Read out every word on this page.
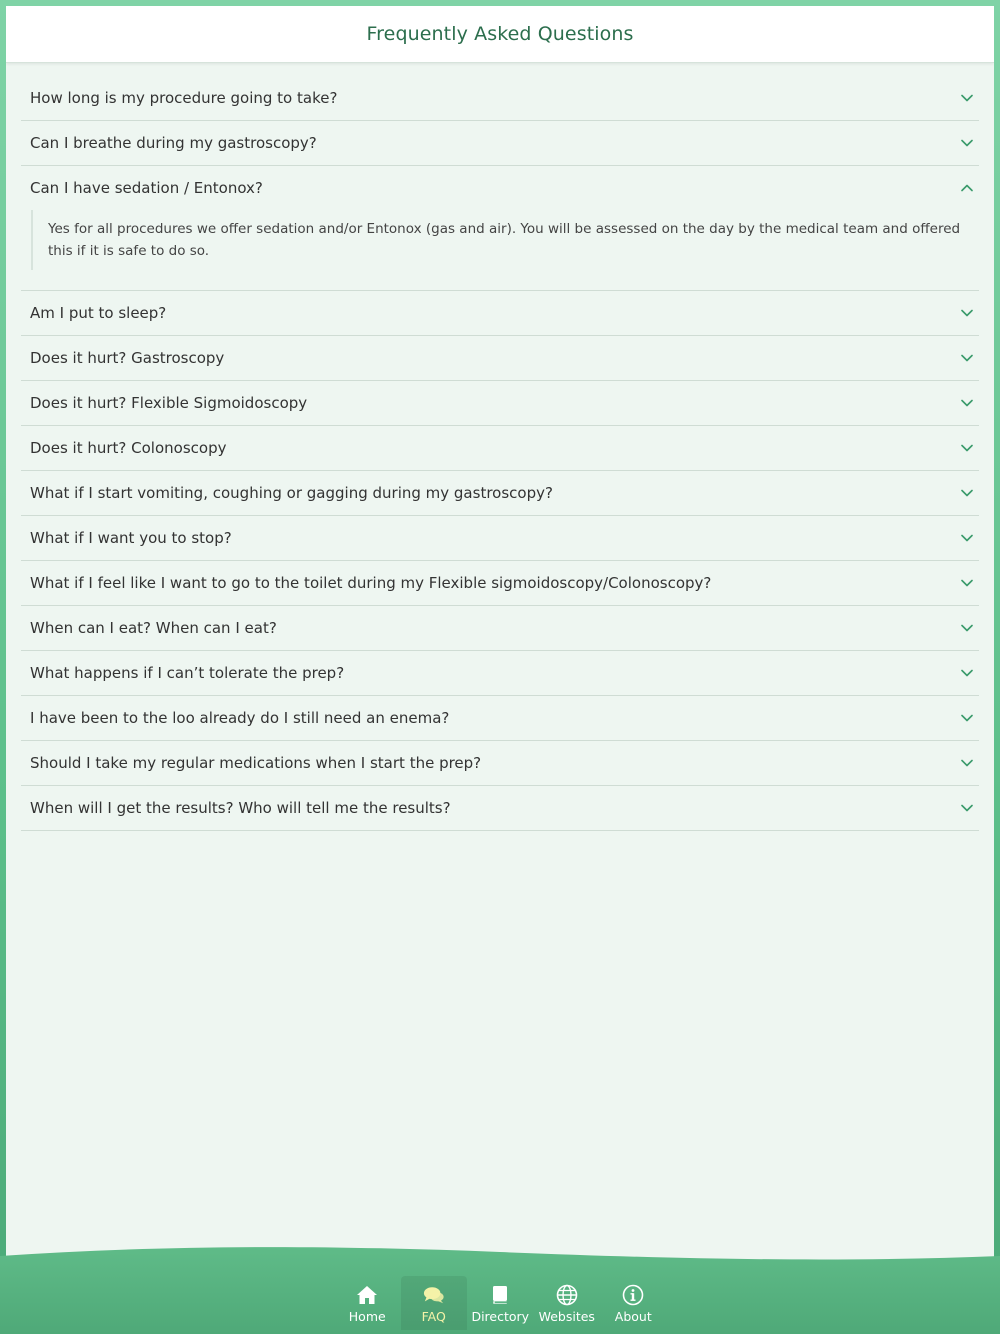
Frequently Asked Questions
How long is my procedure going to take?
Can I breathe during my gastroscopy?
Can I have sedation / Entonox?
Yes for all procedures we offer sedation and/or Entonox (gas and air). You will be assessed on the day by the medical team and offered this if it is safe to do so.
Am I put to sleep?
Does it hurt? Gastroscopy
Does it hurt? Flexible Sigmoidoscopy
Does it hurt? Colonoscopy
What if I start vomiting, coughing or gagging during my gastroscopy?
What if I want you to stop?
What if I feel like I want to go to the toilet during my Flexible sigmoidoscopy/Colonoscopy?
When can I eat? When can I eat?
What happens if I can’t tolerate the prep?
I have been to the loo already do I still need an enema?
Should I take my regular medications when I start the prep?
When will I get the results? Who will tell me the results?
Home	FAQ Directory Websites About
